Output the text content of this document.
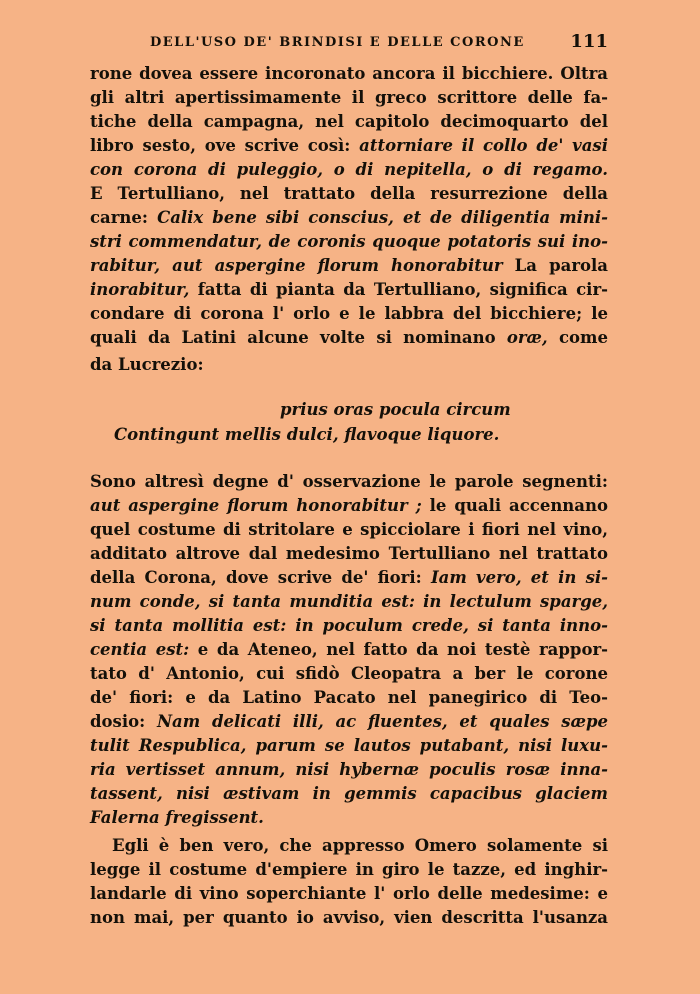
DELL'USO DE' BRINDISI E DELLE CORONE	111
rone dovea essere incoronato ancora il bicchiere. Oltra
gli altri apertissimamente il greco scrittore delle fa-
tiche della campagna, nel capitolo decimoquarto del
libro sesto, ove scrive così: attorniare il collo de' vasi
con corona di puleggio, o di nepitella, o di regamo.
E Tertulliano, nel trattato della resurrezione della
carne: Calix bene sibi conscius, et de diligentia mini-
stri commendatur, de coronis quoque potatoris sui ino-
rabitur, aut aspergine florum honorabitur La parola
inorabitur, fatta di pianta da Tertulliano, significa cir-
condare di corona l' orlo e le labbra del bicchiere; le
quali da Latini alcune volte si nominano oræ, come
da Lucrezio:
Sono altresì degne d' osservazione le parole segnenti:
aut aspergine florum honorabitur ; le quali accennano
quel costume di stritolare e spicciolare i fiori nel vino,
additato altrove dal medesimo Tertulliano nel trattato
della Corona, dove scrive de' fiori: Iam vero, et in si-
num conde, si tanta munditia est: in lectulum sparge,
si tanta mollitia est: in poculum crede, si tanta inno-
centia est: e da Ateneo, nel fatto da noi testè rappor-
tato d' Antonio, cui sfidò Cleopatra a ber le corone
de' fiori: e da Latino Pacato nel panegirico di Teo-
dosio: Nam delicati illi, ac fluentes, et quales sæpe
tulit Respublica, parum se lautos putabant, nisi luxu-
ria vertisset annum, nisi hybernæ poculis rosæ inna-
tassent, nisi æstivam in gemmis capacibus glaciem
Falerna fregissent.
Egli è ben vero, che appresso Omero solamente si
legge il costume d'empiere in giro le tazze, ed inghir-
landarle di vino soperchiante l' orlo delle medesime: e
non mai, per quanto io avviso, vien descritta l'usanza
prius oras pocula circum
Contingunt mellis dulci, flavoque liquore.
